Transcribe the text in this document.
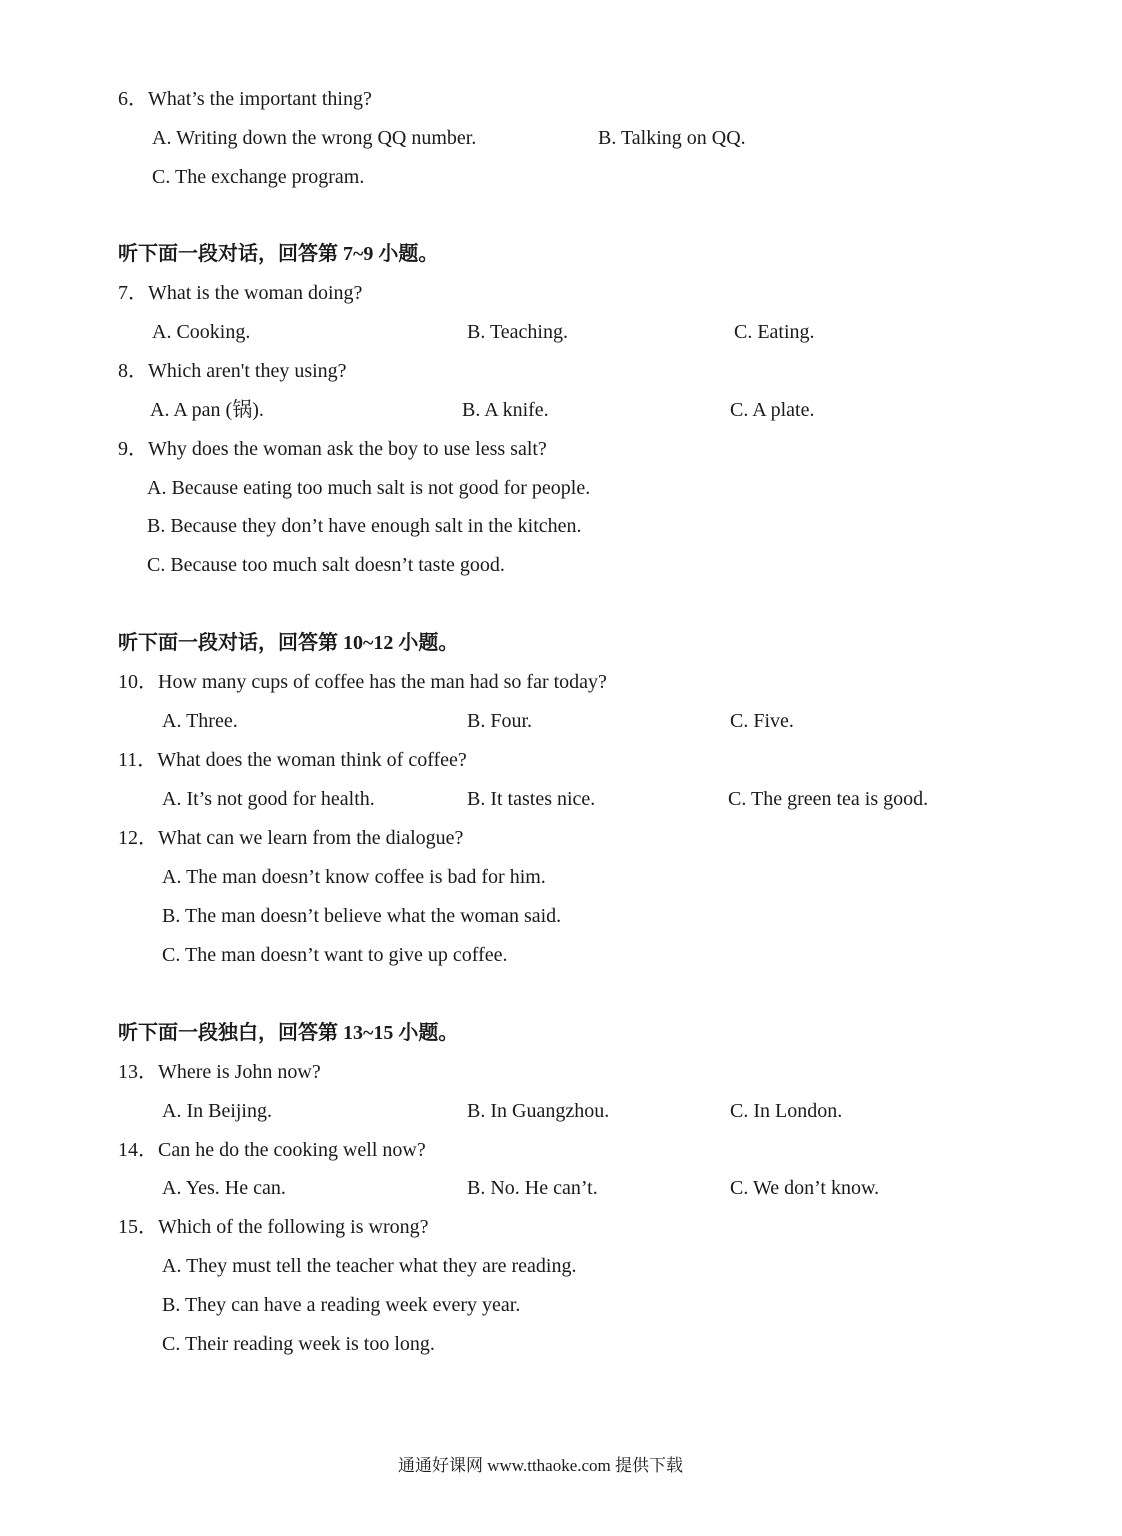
6．What’s the important thing?
A. Writing down the wrong QQ number.	B. Talking on QQ.
C. The exchange program.
听下面一段对话，回答第 7~9 小题。
7．What is the woman doing?
A. Cooking.	B. Teaching.	C. Eating.
8．Which aren't they using?
A. A pan (锅).	B. A knife.	C. A plate.
9．Why does the woman ask the boy to use less salt?
A. Because eating too much salt is not good for people.
B. Because they don’t have enough salt in the kitchen.
C. Because too much salt doesn’t taste good.
听下面一段对话，回答第 10~12 小题。
10．How many cups of coffee has the man had so far today?
A. Three.	B. Four.	C. Five.
11．What does the woman think of coffee?
A. It’s not good for health.	B. It tastes nice.	C. The green tea is good.
12．What can we learn from the dialogue?
A. The man doesn’t know coffee is bad for him.
B. The man doesn’t believe what the woman said.
C. The man doesn’t want to give up coffee.
听下面一段独白，回答第 13~15 小题。
13．Where is John now?
A. In Beijing.	B. In Guangzhou.	C. In London.
14．Can he do the cooking well now?
A. Yes. He can.	B. No. He can’t.	C. We don’t know.
15．Which of the following is wrong?
A. They must tell the teacher what they are reading.
B. They can have a reading week every year.
C. Their reading week is too long.
通通好课网 www.tthaoke.com 提供下载
